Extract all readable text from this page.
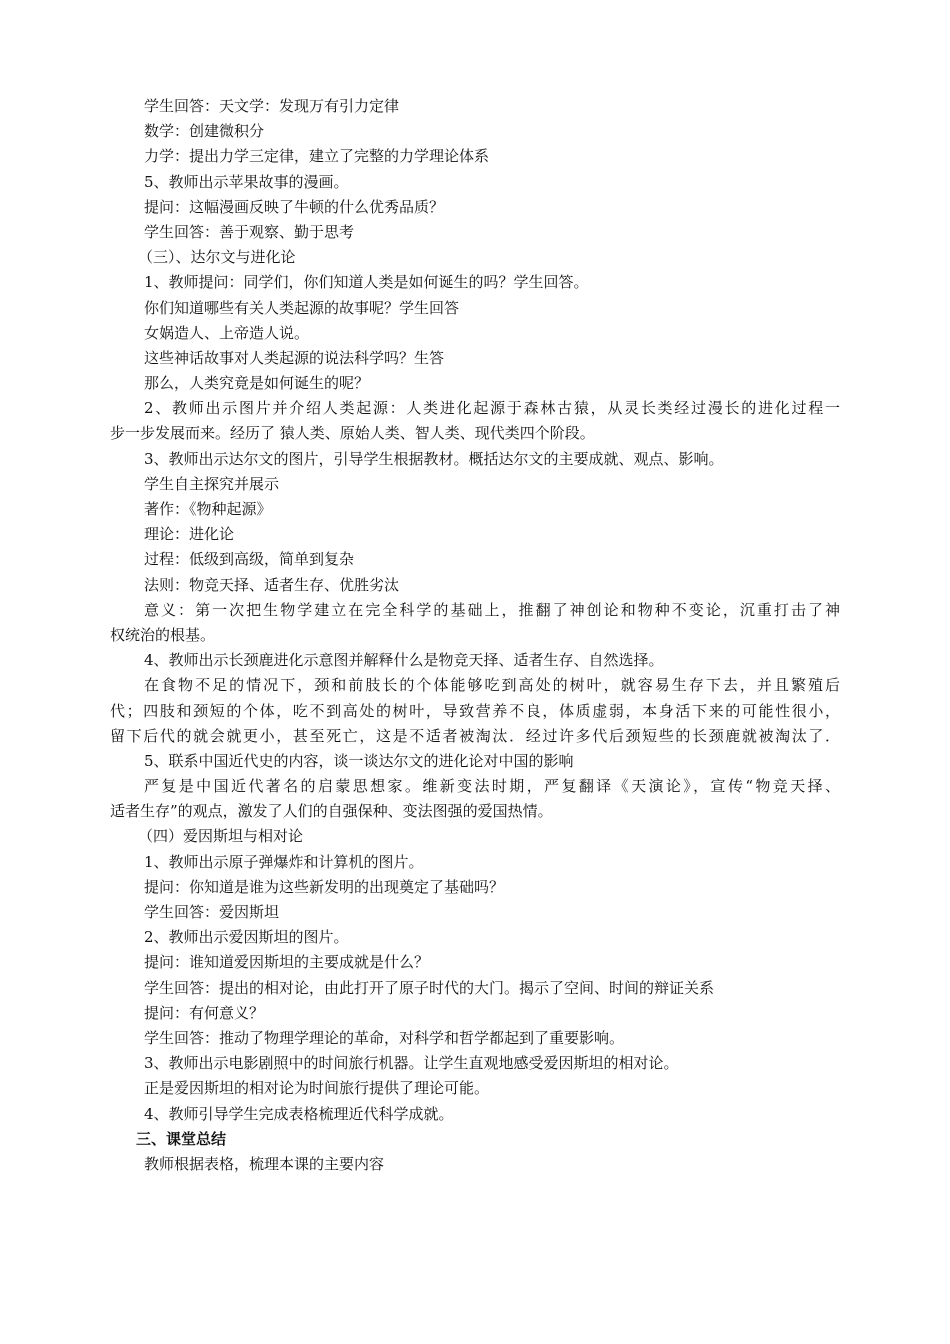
学生回答：天文学：发现万有引力定律
数学：创建微积分
力学：提出力学三定律，建立了完整的力学理论体系
5、教师出示苹果故事的漫画。
提问：这幅漫画反映了牛顿的什么优秀品质？
学生回答：善于观察、勤于思考
（三）、达尔文与进化论
1、教师提问：同学们，你们知道人类是如何诞生的吗？学生回答。
你们知道哪些有关人类起源的故事呢？学生回答
女娲造人、上帝造人说。
这些神话故事对人类起源的说法科学吗？生答
那么，人类究竟是如何诞生的呢？
2、教师出示图片并介绍人类起源：人类进化起源于森林古猿，从灵长类经过漫长的进化过程一
步一步发展而来。经历了 猿人类、原始人类、智人类、现代类四个阶段。
3、教师出示达尔文的图片，引导学生根据教材。概括达尔文的主要成就、观点、影响。
学生自主探究并展示
著作：《物种起源》
理论：进化论
过程：低级到高级，简单到复杂
法则：物竞天择、适者生存、优胜劣汰
意义：第一次把生物学建立在完全科学的基础上，推翻了神创论和物种不变论，沉重打击了神
权统治的根基。
4、教师出示长颈鹿进化示意图并解释什么是物竞天择、适者生存、自然选择。
在食物不足的情况下，颈和前肢长的个体能够吃到高处的树叶，就容易生存下去，并且繁殖后
代；四肢和颈短的个体，吃不到高处的树叶，导致营养不良，体质虚弱，本身活下来的可能性很小，
留下后代的就会就更小，甚至死亡，这是不适者被淘汰．经过许多代后颈短些的长颈鹿就被淘汰了．
5、联系中国近代史的内容，谈一谈达尔文的进化论对中国的影响
严复是中国近代著名的启蒙思想家。维新变法时期，严复翻译《天演论》，宣传“物竞天择、
适者生存”的观点，激发了人们的自强保种、变法图强的爱国热情。
（四）爱因斯坦与相对论
1、教师出示原子弹爆炸和计算机的图片。
提问：你知道是谁为这些新发明的出现奠定了基础吗？
学生回答：爱因斯坦
2、教师出示爱因斯坦的图片。
提问：谁知道爱因斯坦的主要成就是什么？
学生回答：提出的相对论，由此打开了原子时代的大门。揭示了空间、时间的辩证关系
提问：有何意义？
学生回答：推动了物理学理论的革命，对科学和哲学都起到了重要影响。
3、教师出示电影剧照中的时间旅行机器。让学生直观地感受爱因斯坦的相对论。
正是爱因斯坦的相对论为时间旅行提供了理论可能。
4、教师引导学生完成表格梳理近代科学成就。
三、课堂总结
教师根据表格，梳理本课的主要内容
